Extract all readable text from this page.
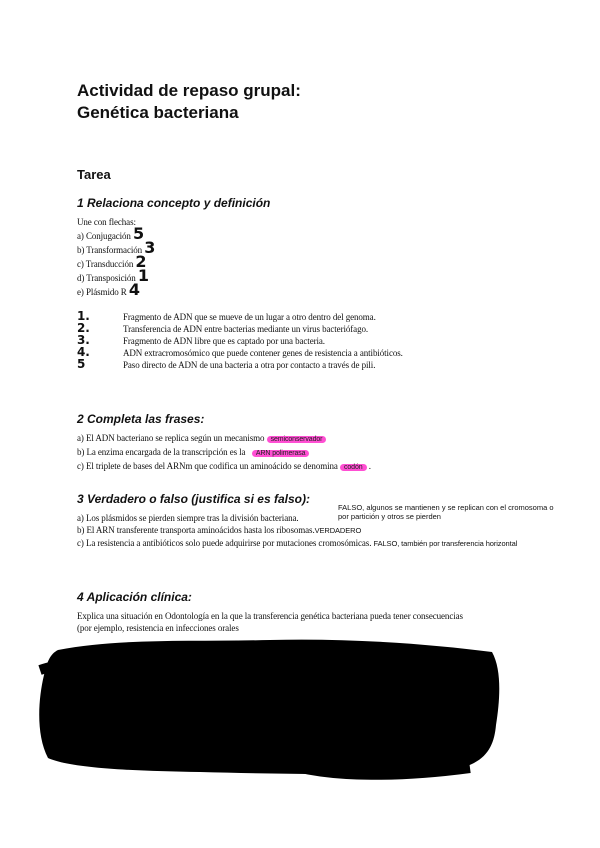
Actividad de repaso grupal:
Genética bacteriana
Tarea
1 Relaciona concepto y definición
Une con flechas:
a) Conjugación 5
b) Transformación 3
c) Transducción 2
d) Transposición 1
e) Plásmido R 4
1.	Fragmento de ADN que se mueve de un lugar a otro dentro del genoma.
2.	Transferencia de ADN entre bacterias mediante un virus bacteriófago.
3.	Fragmento de ADN libre que es captado por una bacteria.
4.	ADN extracromosómico que puede contener genes de resistencia a antibióticos.
5	Paso directo de ADN de una bacteria a otra por contacto a través de pili.
2 Completa las frases:
a) El ADN bacteriano se replica según un mecanismo semiconservador
b) La enzima encargada de la transcripción es la ARN polimerasa
c) El triplete de bases del ARNm que codifica un aminoácido se denomina codón .
3 Verdadero o falso (justifica si es falso):
FALSO, algunos se mantienen y se replican con el cromosoma o
por partición y otros se pierden
a) Los plásmidos se pierden siempre tras la división bacteriana.
b) El ARN transferente transporta aminoácidos hasta los ribosomas.VERDADERO
c) La resistencia a antibióticos solo puede adquirirse por mutaciones cromosómicas. FALSO, también por transferencia horizontal
4 Aplicación clínica:
Explica una situación en Odontología en la que la transferencia genética bacteriana pueda tener consecuencias
(por ejemplo, resistencia en infecciones orales
